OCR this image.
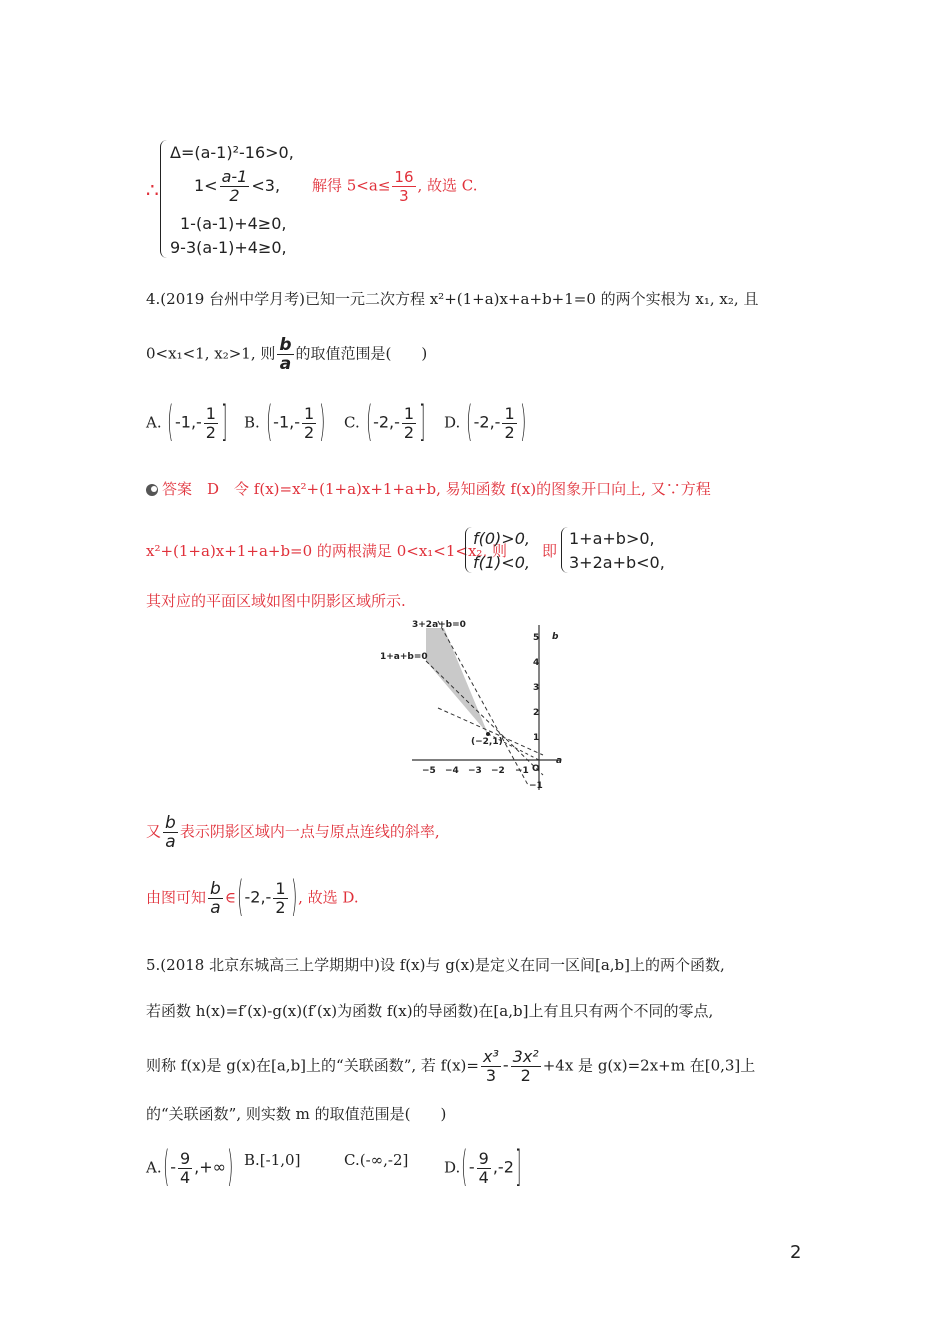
∴
Δ=(a-1)²-16>0,
$1< \frac{a-1}{2} <3$,
1-(a-1)+4≥0,
9-3(a-1)+4≥0,
解得 $5<a\le \frac{16}{3}$ , 故选 C.
4.(2019 台州中学月考)已知一元二次方程 x²+(1+a)x+a+b+1=0 的两个实根为 x₁, x₂, 且
0<x₁<1, x₂>1, 则 $\frac{b}{a}$ 的取值范围是(　　)
A. ($-1,- \frac{1}{2}$ ] B. ($-1,- \frac{1}{2}$ ) C. ($-2,- \frac{1}{2}$ ] D. ($-2,- \frac{1}{2}$ )
答案　D　令 f(x)=x²+(1+a)x+1+a+b, 易知函数 f(x)的图象开口向上, 又∵方程
x²+(1+a)x+1+a+b=0 的两根满足 0<x₁<1<x₂, 则
f(0)>0,
f(1)<0,
即
1+a+b>0,
3+2a+b<0,
其对应的平面区域如图中阴影区域所示.
3+2a+b=0
1+a+b=0
(−2,1)
a
b
O
−5 −4 −3 −2 −1
5
4
3
2
1
−1
又 $\frac{b}{a}$ 表示阴影区域内一点与原点连线的斜率,
由图可知 $\frac{b}{a}$ ∈(-2,- $\frac{1}{2}$ ), 故选 D.
5.(2018 北京东城高三上学期期中)设 f(x)与 g(x)是定义在同一区间[a,b]上的两个函数,
若函数 h(x)=f′(x)-g(x)(f′(x)为函数 f(x)的导函数)在[a,b]上有且只有两个不同的零点,
则称 f(x)是 g(x)在[a,b]上的“关联函数”, 若 $f(x)= \frac{\text{x³}}{3} - \frac{\text{3x²}}{2} +4x$ 是 g(x)=2x+m 在[0,3]上
的“关联函数”, 则实数 m 的取值范围是(　　)
$A.(- \frac{9}{4}$ ,+∞) B.[-1,0]	C.(-∞,-2] $D.(- \frac{9}{4} ,-2]$
2
